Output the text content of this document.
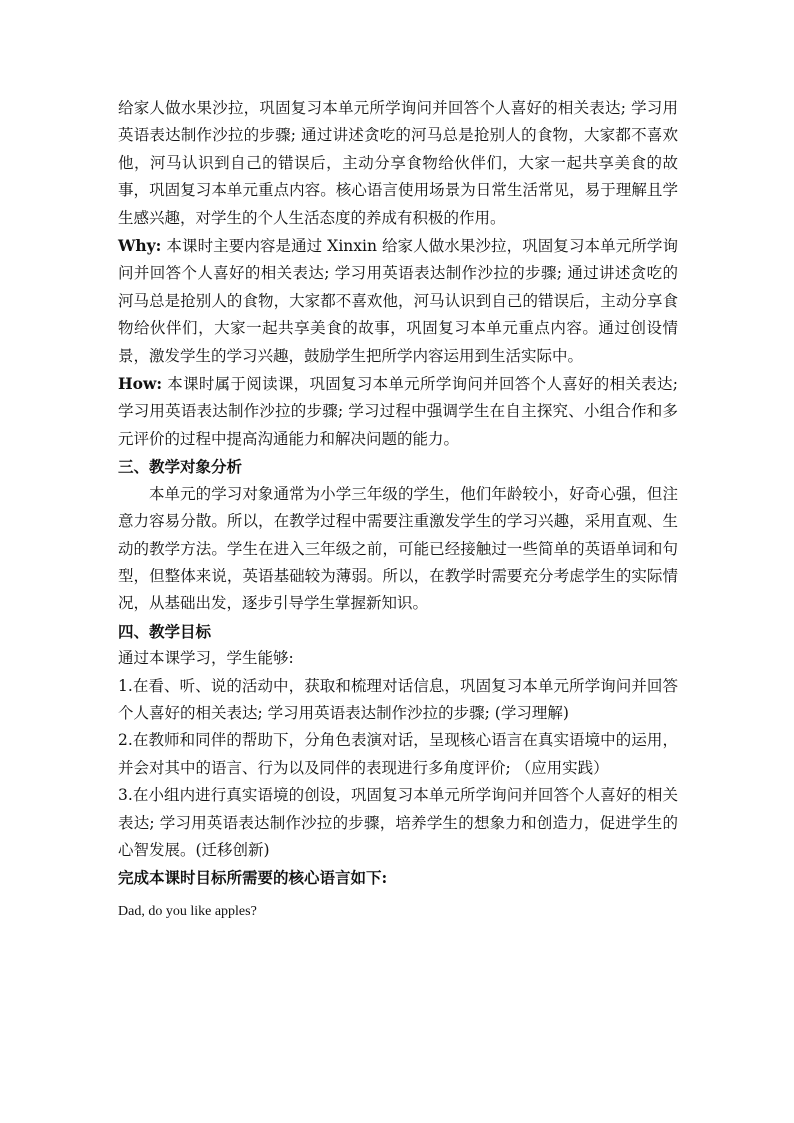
给家人做水果沙拉，巩固复习本单元所学询问并回答个人喜好的相关表达; 学习用英语表达制作沙拉的步骤; 通过讲述贪吃的河马总是抢别人的食物，大家都不喜欢他，河马认识到自己的错误后，主动分享食物给伙伴们，大家一起共享美食的故事，巩固复习本单元重点内容。核心语言使用场景为日常生活常见，易于理解且学生感兴趣，对学生的个人生活态度的养成有积极的作用。

Why: 本课时主要内容是通过 Xinxin 给家人做水果沙拉，巩固复习本单元所学询问并回答个人喜好的相关表达; 学习用英语表达制作沙拉的步骤; 通过讲述贪吃的河马总是抢别人的食物，大家都不喜欢他，河马认识到自己的错误后，主动分享食物给伙伴们，大家一起共享美食的故事，巩固复习本单元重点内容。通过创设情景，激发学生的学习兴趣，鼓励学生把所学内容运用到生活实际中。

How: 本课时属于阅读课，巩固复习本单元所学询问并回答个人喜好的相关表达; 学习用英语表达制作沙拉的步骤; 学习过程中强调学生在自主探究、小组合作和多元评价的过程中提高沟通能力和解决问题的能力。

三、教学对象分析

本单元的学习对象通常为小学三年级的学生，他们年龄较小，好奇心强，但注意力容易分散。所以，在教学过程中需要注重激发学生的学习兴趣，采用直观、生动的教学方法。学生在进入三年级之前，可能已经接触过一些简单的英语单词和句型，但整体来说，英语基础较为薄弱。所以，在教学时需要充分考虑学生的实际情况，从基础出发，逐步引导学生掌握新知识。

四、教学目标

通过本课学习，学生能够:

1.在看、听、说的活动中，获取和梳理对话信息，巩固复习本单元所学询问并回答个人喜好的相关表达; 学习用英语表达制作沙拉的步骤; (学习理解)

2.在教师和同伴的帮助下，分角色表演对话，呈现核心语言在真实语境中的运用，并会对其中的语言、行为以及同伴的表现进行多角度评价; （应用实践）

3.在小组内进行真实语境的创设，巩固复习本单元所学询问并回答个人喜好的相关表达; 学习用英语表达制作沙拉的步骤，培养学生的想象力和创造力，促进学生的心智发展。(迁移创新)

完成本课时目标所需要的核心语言如下:

Dad, do you like apples?
